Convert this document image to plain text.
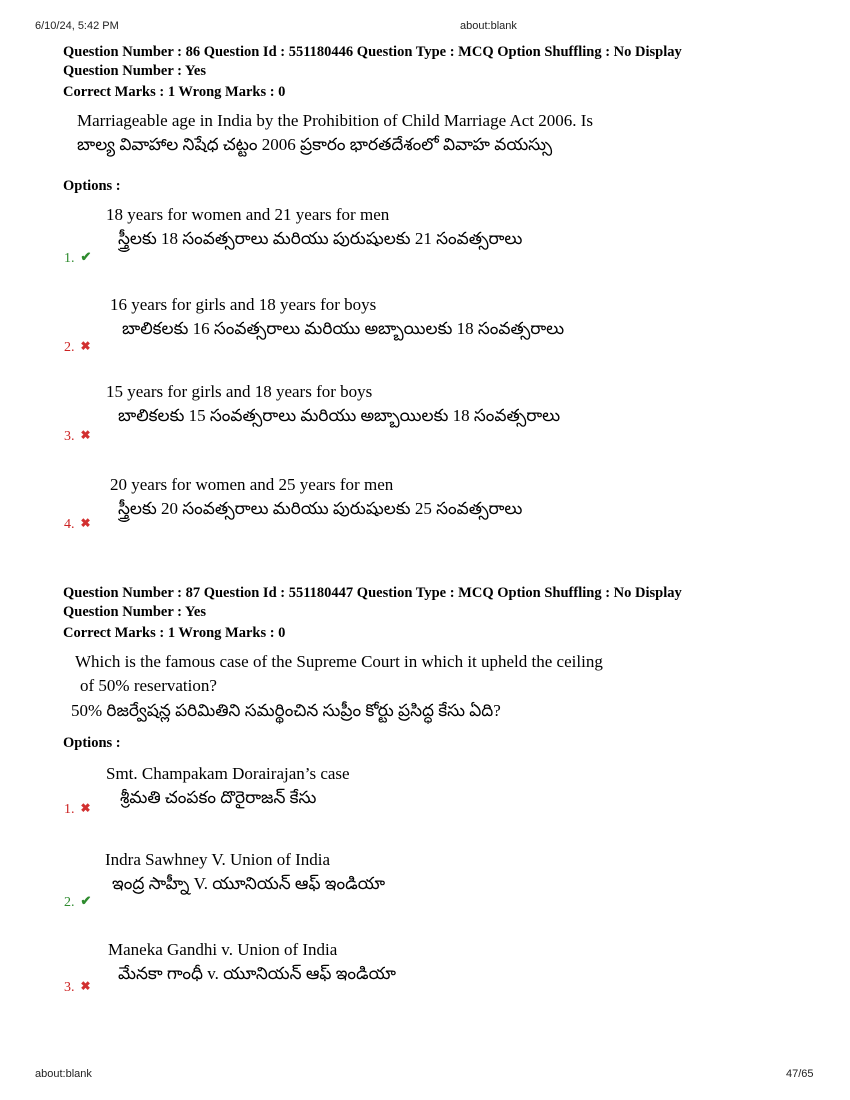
6/10/24, 5:42 PM	about:blank
about:blank	47/65
Question Number : 86 Question Id : 551180446 Question Type : MCQ Option Shuffling : No Display
Question Number : Yes
Correct Marks : 1 Wrong Marks : 0
Marriageable age in India by the Prohibition of Child Marriage Act 2006. Is
బాల్య వివాహాల నిషేధ చట్టం 2006 ప్రకారం భారతదేశంలో వివాహ వయస్సు
Options :
18 years for women and 21 years for men
స్త్రీలకు 18 సంవత్సరాలు మరియు పురుషులకు 21 సంవత్సరాలు
1. ✔
16 years for girls and 18 years for boys
బాలికలకు 16 సంవత్సరాలు మరియు అబ్బాయిలకు 18 సంవత్సరాలు
2. ✖
15 years for girls and 18 years for boys
బాలికలకు 15 సంవత్సరాలు మరియు అబ్బాయిలకు 18 సంవత్సరాలు
3. ✖
20 years for women and 25 years for men
స్త్రీలకు 20 సంవత్సరాలు మరియు పురుషులకు 25 సంవత్సరాలు
4. ✖
Question Number : 87 Question Id : 551180447 Question Type : MCQ Option Shuffling : No Display
Question Number : Yes
Correct Marks : 1 Wrong Marks : 0
Which is the famous case of the Supreme Court in which it upheld the ceiling
of 50% reservation?
50% రిజర్వేషన్ల పరిమితిని సమర్థించిన సుప్రీం కోర్టు ప్రసిద్ధ కేసు ఏది?
Options :
Smt. Champakam Dorairajan’s case
శ్రీమతి చంపకం దొరైరాజన్ కేసు
1. ✖
Indra Sawhney V. Union of India
ఇంద్ర సాహ్నీ V. యూనియన్ ఆఫ్ ఇండియా
2. ✔
Maneka Gandhi v. Union of India
మేనకా గాంధీ v. యూనియన్ ఆఫ్ ఇండియా
3. ✖
